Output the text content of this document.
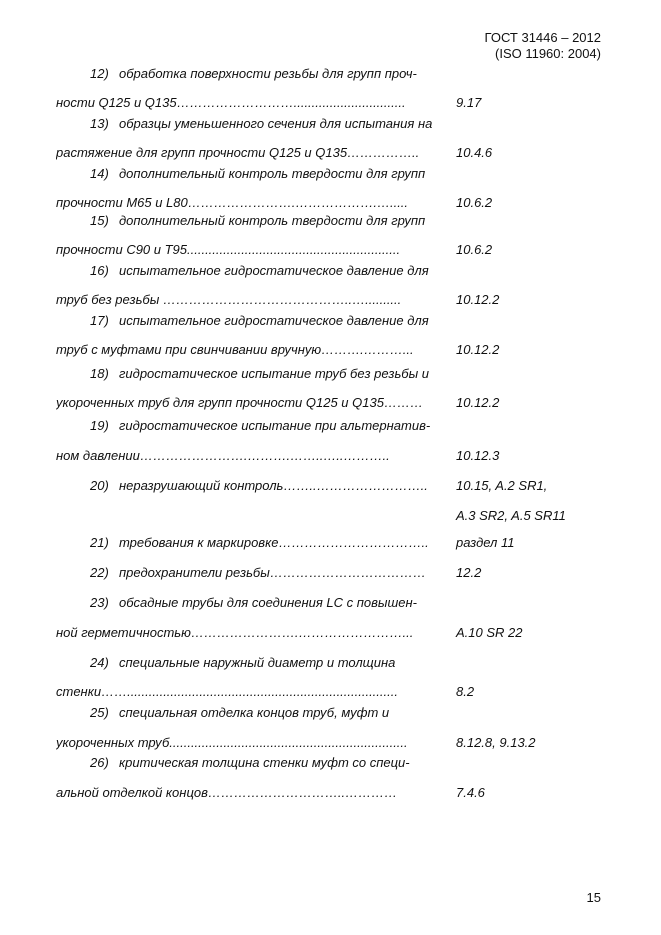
ГОСТ 31446 – 2012
(ISO 11960: 2004)
12) обработка поверхности резьбы для групп проч-
ности Q125 и Q135………………………...............................	9.17
13) образцы уменьшенного сечения для испытания на
растяжение для групп прочности Q125 и Q135……………..	10.4.6
14) дополнительный контроль твердости для групп
прочности M65 и L80…………………….……………….….....	10.6.2
15) дополнительный контроль твердости для групп
прочности C90 и T95...........................................................	10.6.2
16) испытательное гидростатическое давление для
труб без резьбы ……………………………………..…..........	10.12.2
17) испытательное гидростатическое давление для
труб с муфтами при свинчивании вручную……….………...	10.12.2
18) гидростатическое испытание труб без резьбы и
укороченных труб для групп прочности Q125 и Q135………	10.12.2
19) гидростатическое испытание при альтернатив-
ном давлении…………………….……….……..…..………..	10.12.3
20) неразрушающий контроль……..……………………..	10.15, A.2 SR1,
A.3 SR2, A.5 SR11
21) требования к маркировке……………………………..	раздел 11
22) предохранители резьбы………………………………	12.2
23) обсадные трубы для соединения LC с повышен-
ной герметичностью…………………….……………………...	A.10 SR 22
24) специальные наружный диаметр и толщина
стенки……...........................................................................	8.2
25) специальная отделка концов труб, муфт и
укороченных труб..................................................................	8.12.8, 9.13.2
26) критическая толщина стенки муфт со специ-
альной отделкой концов…………………………..…………	7.4.6
15
